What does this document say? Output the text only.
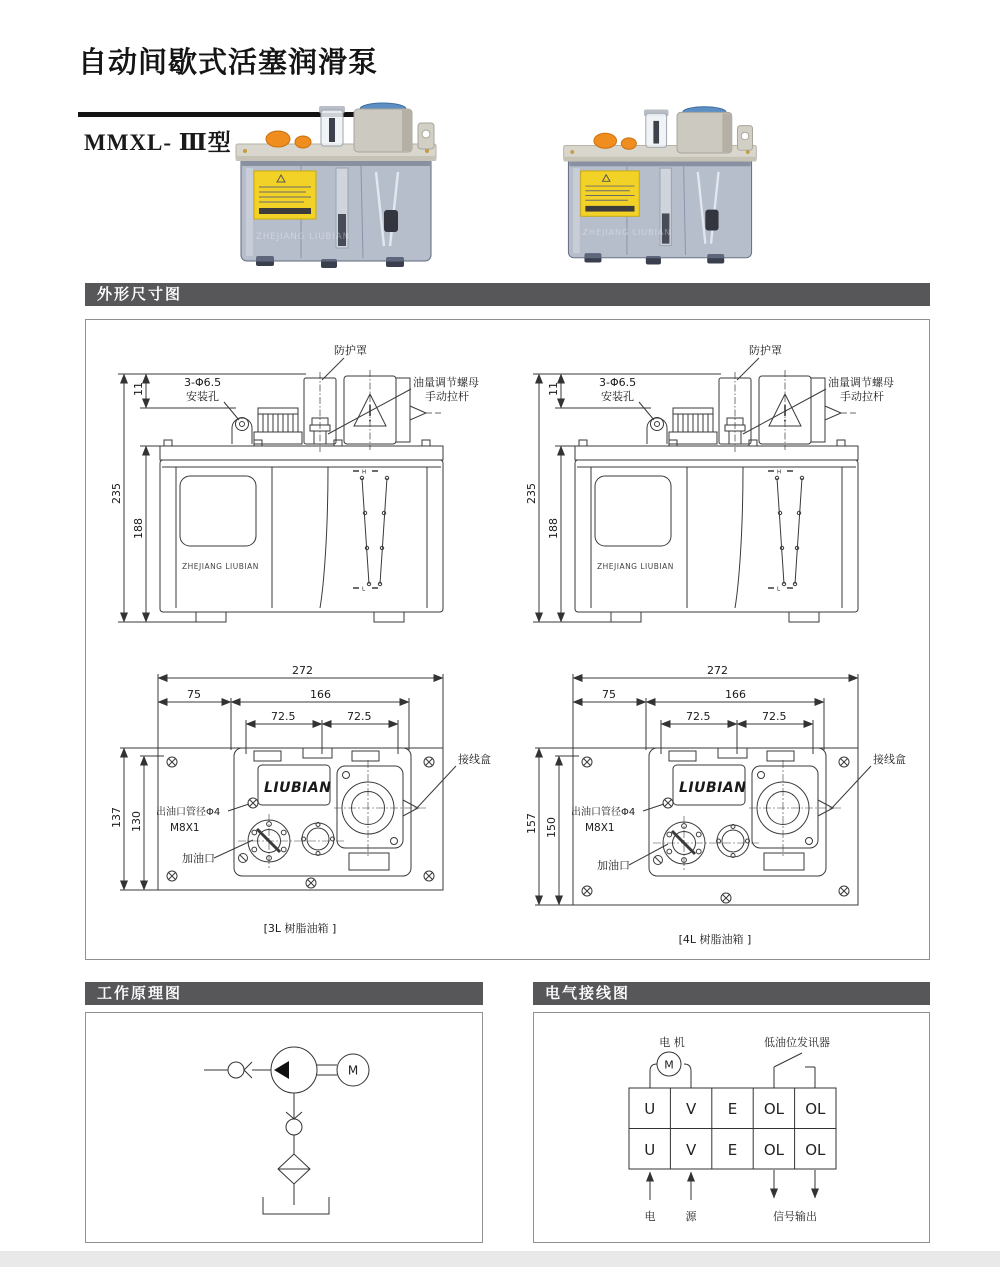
自动间歇式活塞润滑泵
MMXL- Ⅲ型
ZHEJIANG LIUBIAN	ZHEJIANG LIUBIAN
外形尺寸图
235
188
11
防护罩
3-Φ6.5
安装孔
油量调节螺母
手动拉杆
ZHEJIANG LIUBIAN
H
L
235
188
11
防护罩
3-Φ6.5
安装孔
油量调节螺母
手动拉杆
ZHEJIANG LIUBIAN
H
L
272
75	166
72.5	72.5
137 130
LIUBIAN
接线盒
出油口管径Φ4
M8X1
加油口
[3L 树脂油箱 ]
272
75	166
72.5	72.5
157 150
LIUBIAN
接线盒
出油口管径Φ4
M8X1
加油口
[4L 树脂油箱 ]
工作原理图
M
电气接线图
M
电 机	低油位发讯器
U V E OL OL
U V E OL OL
电	源	信号输出
